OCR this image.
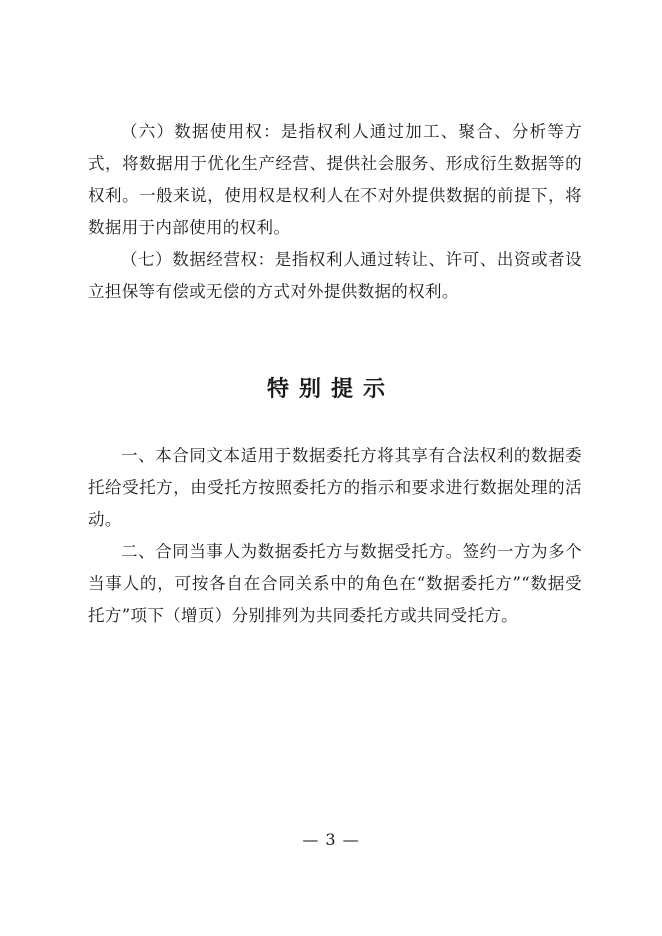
（六）数据使用权：是指权利人通过加工、聚合、分析等方式，将数据用于优化生产经营、提供社会服务、形成衍生数据等的权利。一般来说，使用权是权利人在不对外提供数据的前提下，将数据用于内部使用的权利。

（七）数据经营权：是指权利人通过转让、许可、出资或者设立担保等有偿或无偿的方式对外提供数据的权利。

特别提示

一、本合同文本适用于数据委托方将其享有合法权利的数据委托给受托方，由受托方按照委托方的指示和要求进行数据处理的活动。

二、合同当事人为数据委托方与数据受托方。签约一方为多个当事人的，可按各自在合同关系中的角色在“数据委托方”“数据受托方”项下（增页）分别排列为共同委托方或共同受托方。

— 3 —
